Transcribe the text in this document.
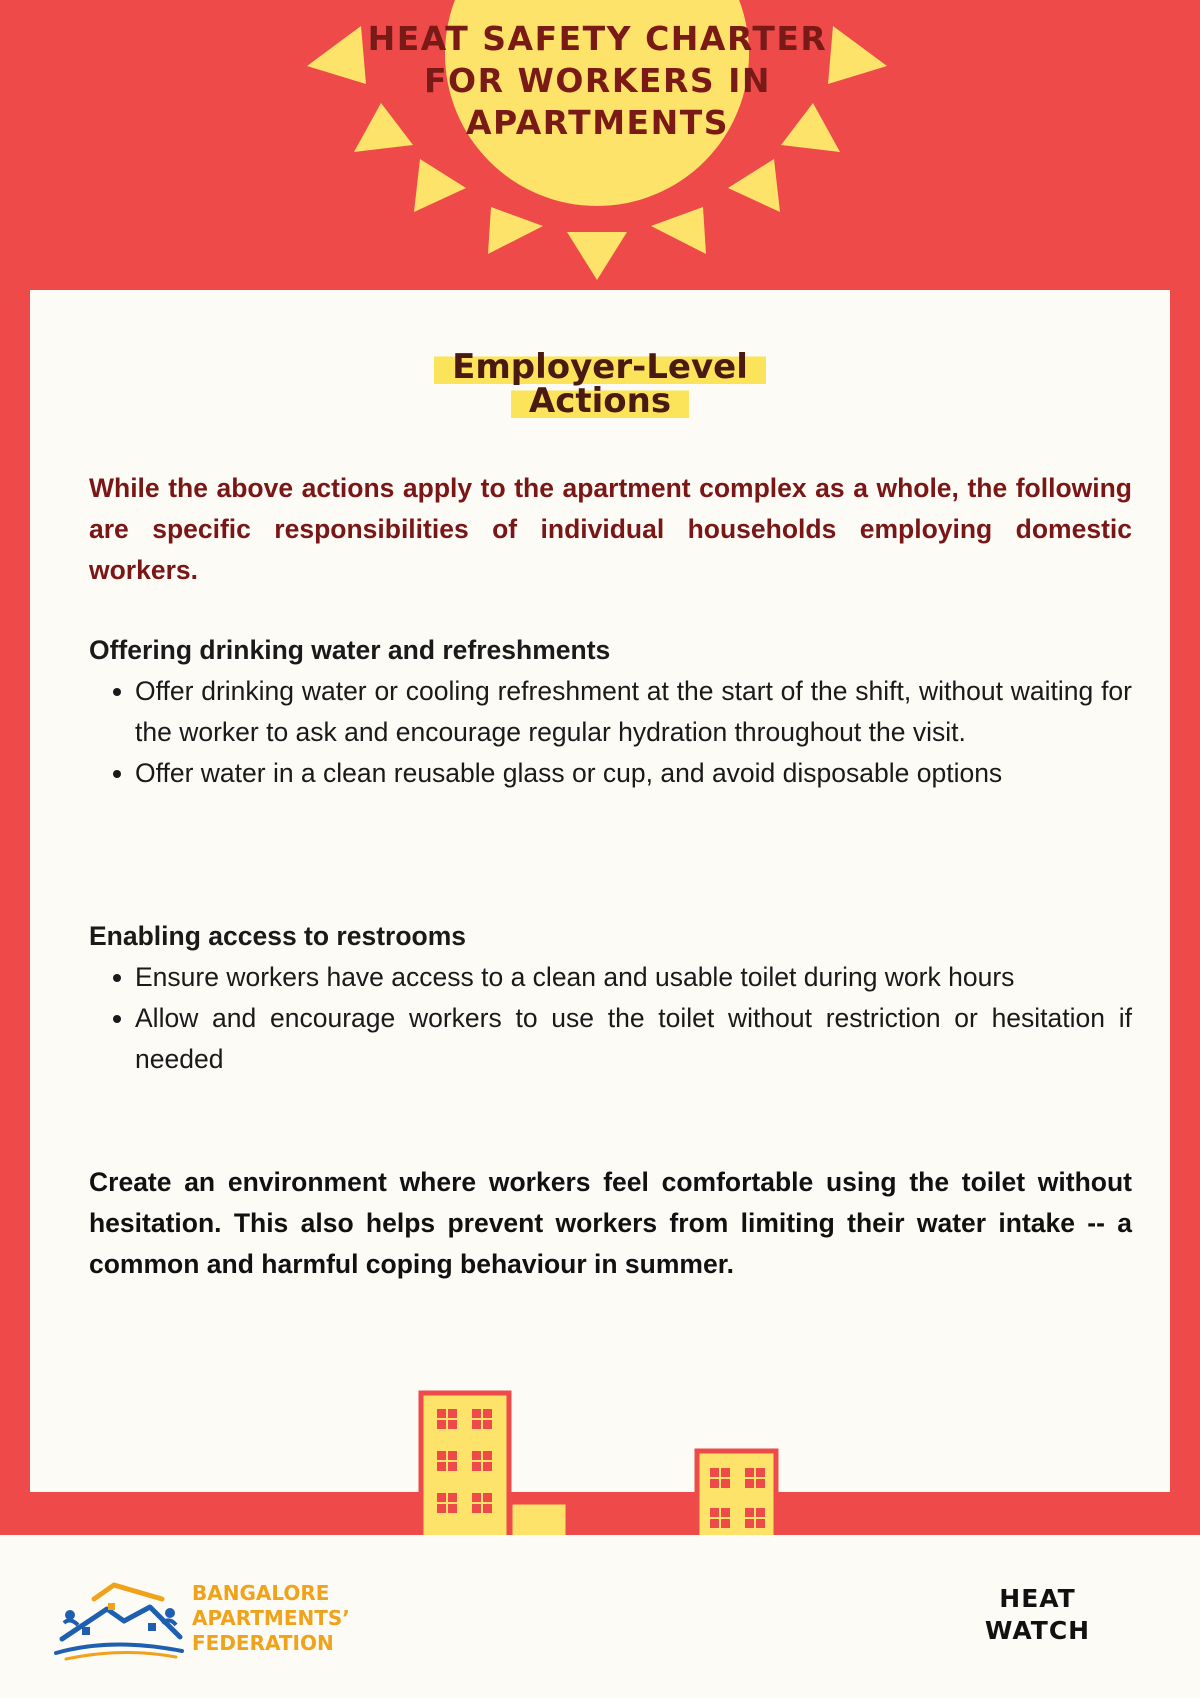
HEAT SAFETY CHARTER
FOR WORKERS IN
APARTMENTS
Employer-Level
Actions
While the above actions apply to the apartment complex as a whole, the following are specific responsibilities of individual households employing domestic workers.
Offering drinking water and refreshments
Offer drinking water or cooling refreshment at the start of the shift, without waiting for the worker to ask and encourage regular hydration throughout the visit.
Offer water in a clean reusable glass or cup, and avoid disposable options
Enabling access to restrooms
Ensure workers have access to a clean and usable toilet during work hours
Allow and encourage workers to use the toilet without restriction or hesitation if needed
Create an environment where workers feel comfortable using the toilet without hesitation. This also helps prevent workers from limiting their water intake -- a common and harmful coping behaviour in summer.
BANGALORE
APARTMENTS’
FEDERATION
HEAT
WATCH
